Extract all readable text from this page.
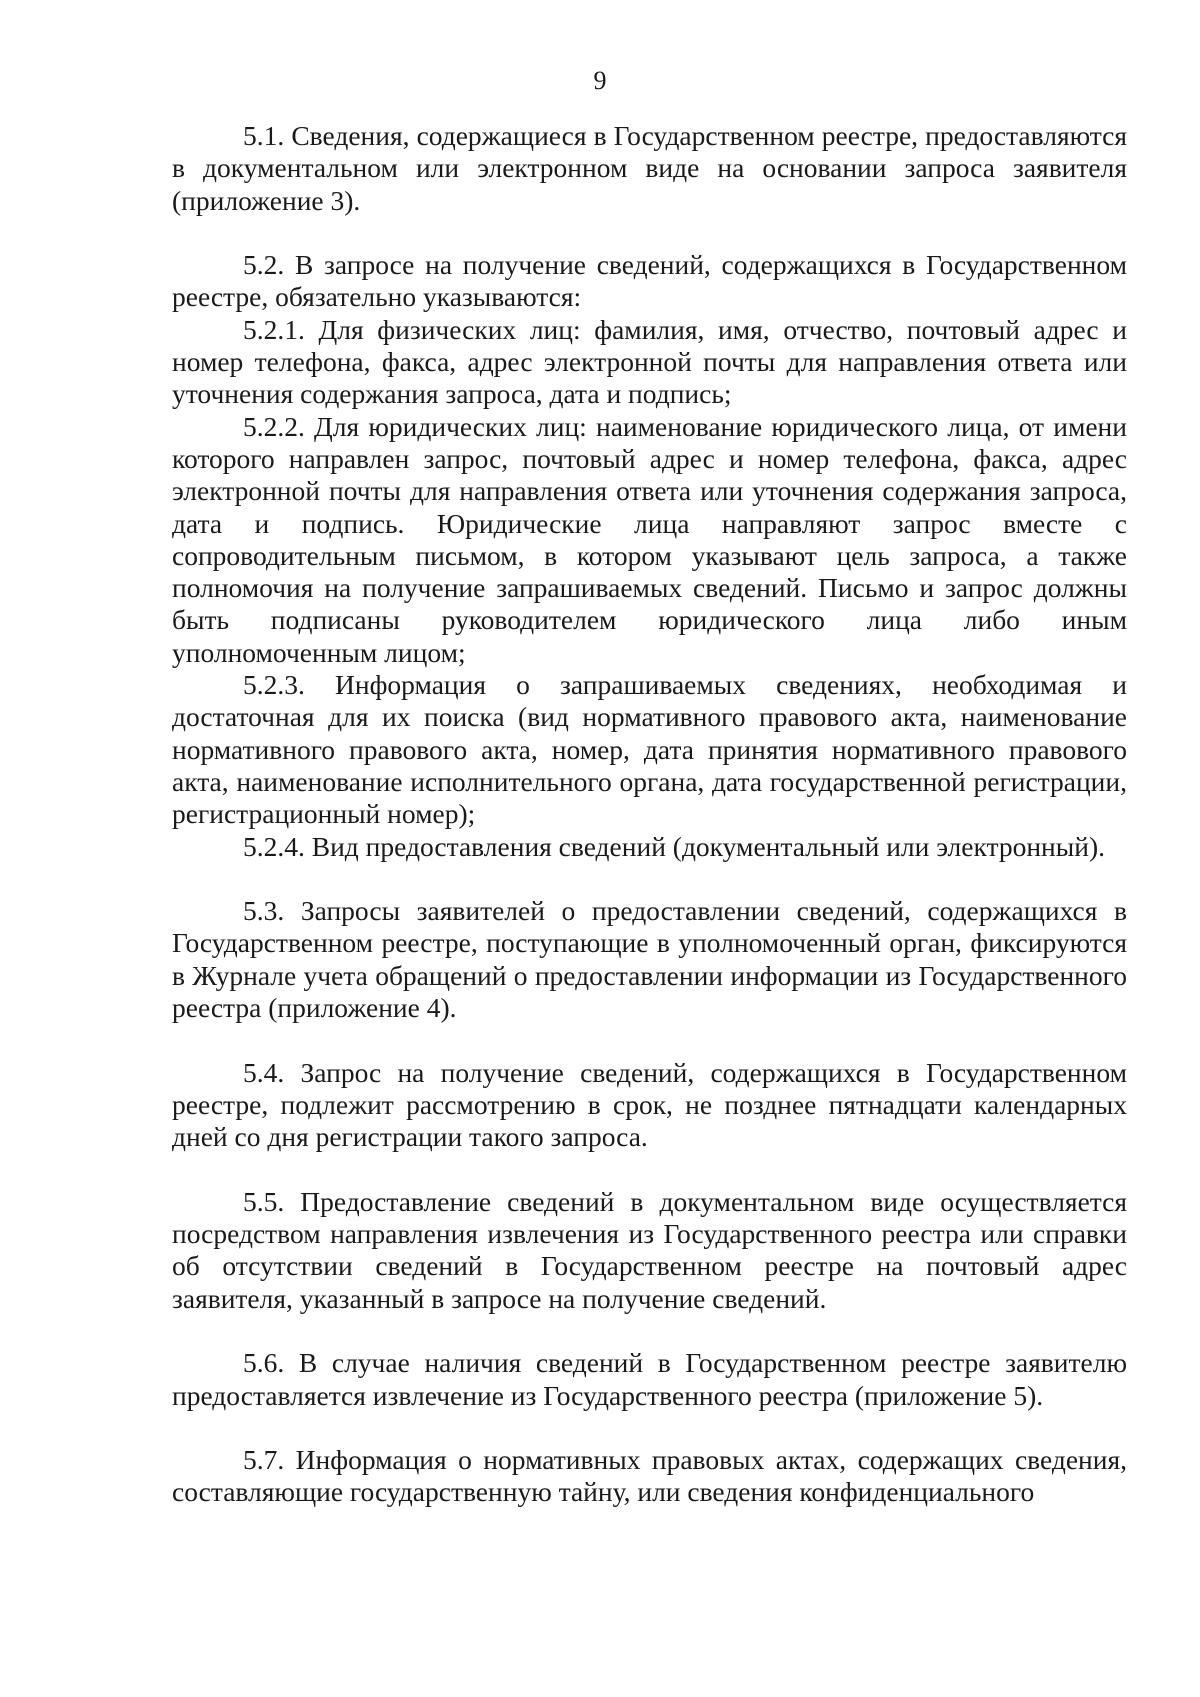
9

5.1. Сведения, содержащиеся в Государственном реестре, предоставляются в документальном или электронном виде на основании запроса заявителя (приложение 3).

5.2. В запросе на получение сведений, содержащихся в Государственном реестре, обязательно указываются:

5.2.1. Для физических лиц: фамилия, имя, отчество, почтовый адрес и номер телефона, факса, адрес электронной почты для направления ответа или уточнения содержания запроса, дата и подпись;

5.2.2. Для юридических лиц: наименование юридического лица, от имени которого направлен запрос, почтовый адрес и номер телефона, факса, адрес электронной почты для направления ответа или уточнения содержания запроса, дата и подпись. Юридические лица направляют запрос вместе с сопроводительным письмом, в котором указывают цель запроса, а также полномочия на получение запрашиваемых сведений. Письмо и запрос должны быть подписаны руководителем юридического лица либо иным уполномоченным лицом;

5.2.3. Информация о запрашиваемых сведениях, необходимая и достаточная для их поиска (вид нормативного правового акта, наименование нормативного правового акта, номер, дата принятия нормативного правового акта, наименование исполнительного органа, дата государственной регистрации, регистрационный номер);

5.2.4. Вид предоставления сведений (документальный или электронный).

5.3. Запросы заявителей о предоставлении сведений, содержащихся в Государственном реестре, поступающие в уполномоченный орган, фиксируются в Журнале учета обращений о предоставлении информации из Государственного реестра (приложение 4).

5.4. Запрос на получение сведений, содержащихся в Государственном реестре, подлежит рассмотрению в срок, не позднее пятнадцати календарных дней со дня регистрации такого запроса.

5.5. Предоставление сведений в документальном виде осуществляется посредством направления извлечения из Государственного реестра или справки об отсутствии сведений в Государственном реестре на почтовый адрес заявителя, указанный в запросе на получение сведений.

5.6. В случае наличия сведений в Государственном реестре заявителю предоставляется извлечение из Государственного реестра (приложение 5).

5.7. Информация о нормативных правовых актах, содержащих сведения, составляющие государственную тайну, или сведения конфиденциального
